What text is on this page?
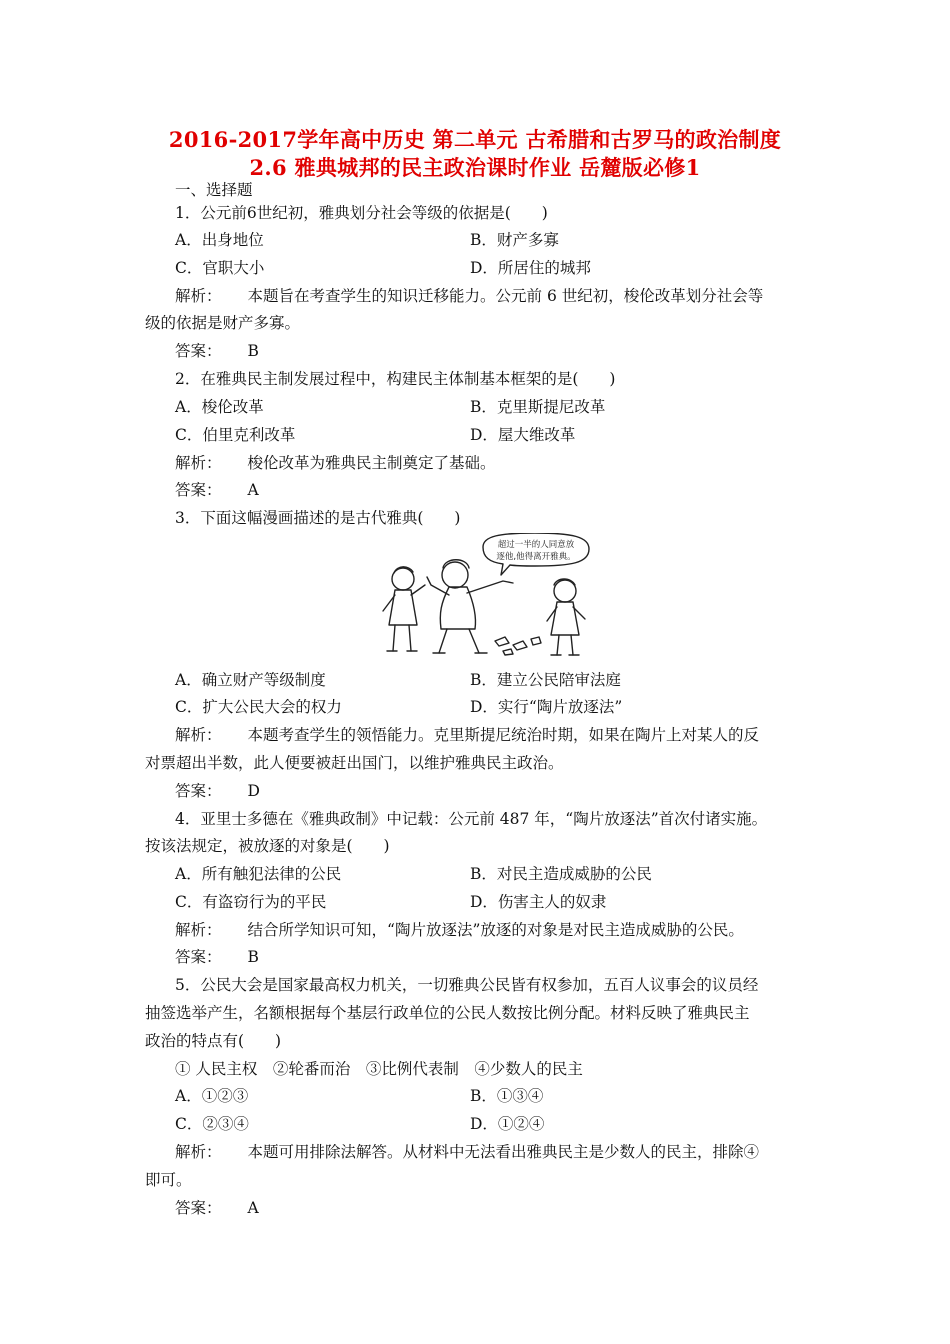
2016-2017学年高中历史 第二单元 古希腊和古罗马的政治制度
2.6 雅典城邦的民主政治课时作业 岳麓版必修1
一、选择题
1．公元前6世纪初，雅典划分社会等级的依据是(　　)
A．出身地位	B．财产多寡
C．官职大小	D．所居住的城邦
解析： 本题旨在考查学生的知识迁移能力。公元前 6 世纪初，梭伦改革划分社会等
级的依据是财产多寡。
答案： B
2．在雅典民主制发展过程中，构建民主体制基本框架的是(　　)
A．梭伦改革	B．克里斯提尼改革
C．伯里克利改革	D．屋大维改革
解析： 梭伦改革为雅典民主制奠定了基础。
答案： A
3．下面这幅漫画描述的是古代雅典(　　)
超过一半的人同意放
逐他,他得离开雅典。
A．确立财产等级制度	B．建立公民陪审法庭
C．扩大公民大会的权力	D．实行“陶片放逐法”
解析： 本题考查学生的领悟能力。克里斯提尼统治时期，如果在陶片上对某人的反
对票超出半数，此人便要被赶出国门，以维护雅典民主政治。
答案： D
4．亚里士多德在《雅典政制》中记载：公元前 487 年，“陶片放逐法”首次付诸实施。
按该法规定，被放逐的对象是(　　)
A．所有触犯法律的公民	B．对民主造成威胁的公民
C．有盗窃行为的平民	D．伤害主人的奴隶
解析： 结合所学知识可知，“陶片放逐法”放逐的对象是对民主造成威胁的公民。
答案： B
5．公民大会是国家最高权力机关，一切雅典公民皆有权参加，五百人议事会的议员经
抽签选举产生，名额根据每个基层行政单位的公民人数按比例分配。材料反映了雅典民主
政治的特点有(　　)
① 人民主权　②轮番而治　③比例代表制　④少数人的民主
A．①②③	B．①③④
C．②③④	D．①②④
解析： 本题可用排除法解答。从材料中无法看出雅典民主是少数人的民主，排除④
即可。
答案： A
